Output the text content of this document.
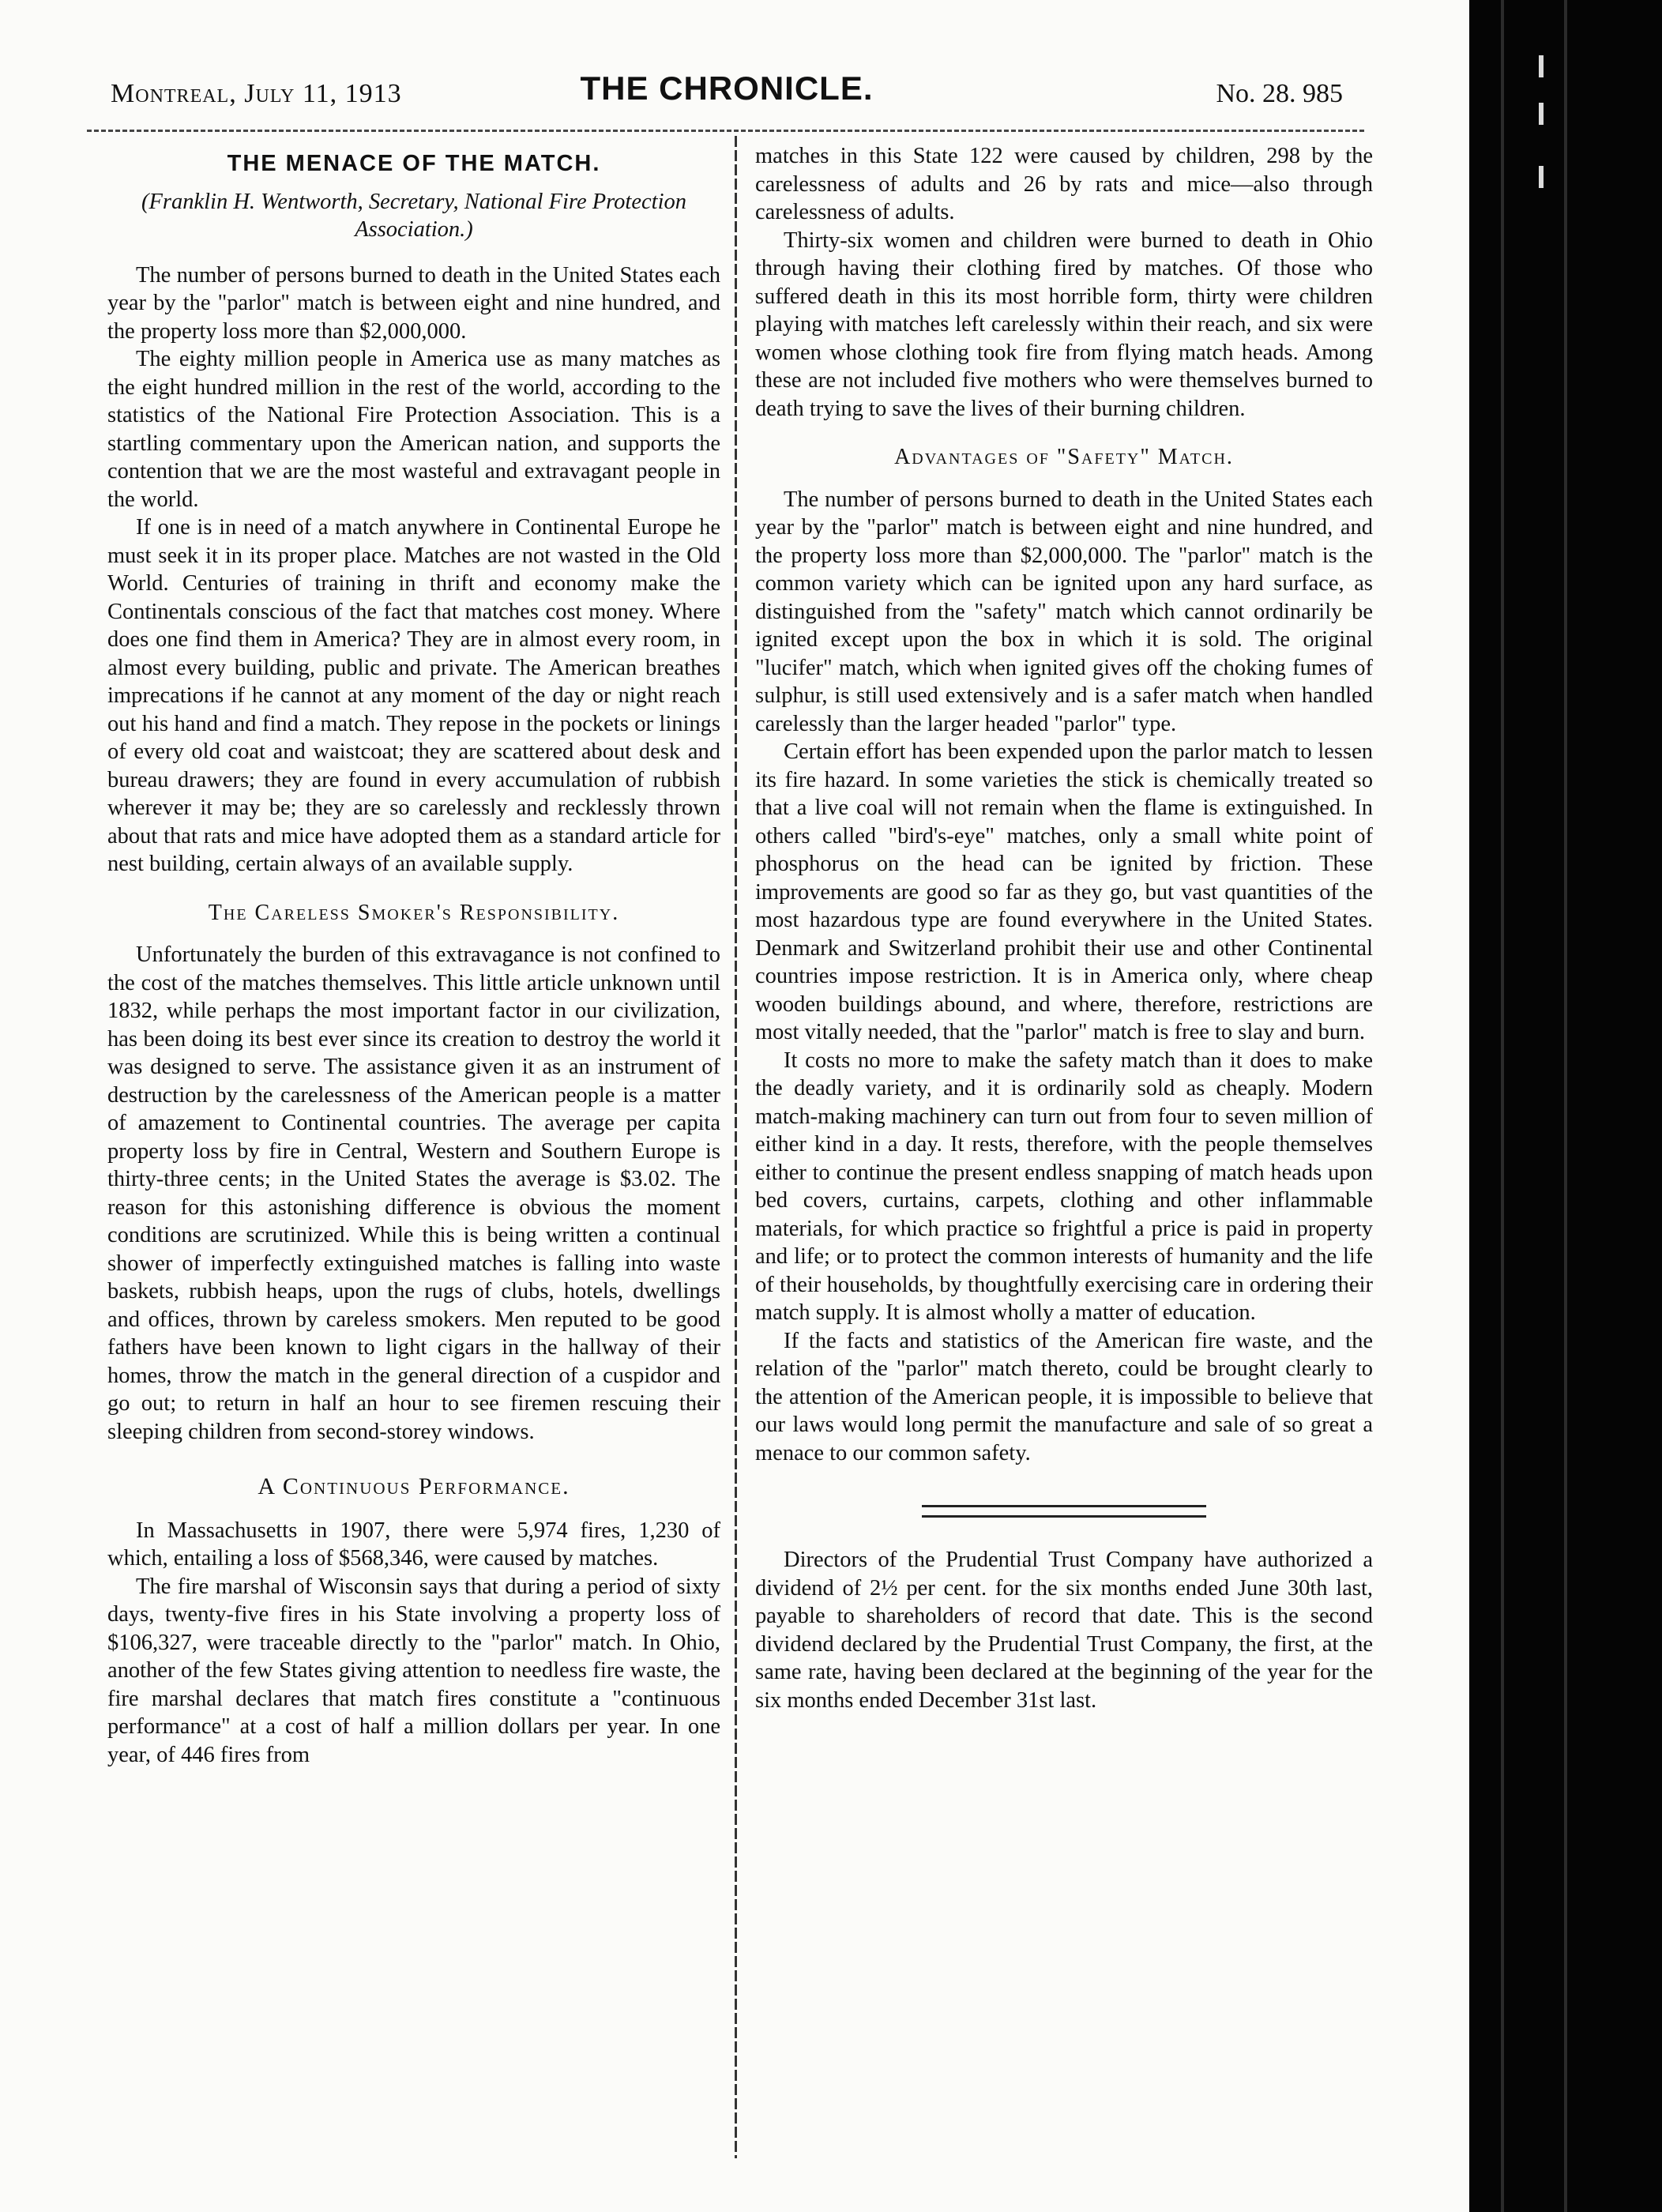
Montreal, July 11, 1913	THE CHRONICLE.	No. 28. 985
THE MENACE OF THE MATCH.
(Franklin H. Wentworth, Secretary, National Fire Protection Association.)

The number of persons burned to death in the United States each year by the "parlor" match is between eight and nine hundred, and the property loss more than $2,000,000.

The eighty million people in America use as many matches as the eight hundred million in the rest of the world, according to the statistics of the National Fire Protection Association. This is a startling commentary upon the American nation, and supports the contention that we are the most wasteful and extravagant people in the world.

If one is in need of a match anywhere in Continental Europe he must seek it in its proper place. Matches are not wasted in the Old World. Centuries of training in thrift and economy make the Continentals conscious of the fact that matches cost money. Where does one find them in America? They are in almost every room, in almost every building, public and private. The American breathes imprecations if he cannot at any moment of the day or night reach out his hand and find a match. They repose in the pockets or linings of every old coat and waistcoat; they are scattered about desk and bureau drawers; they are found in every accumulation of rubbish wherever it may be; they are so carelessly and recklessly thrown about that rats and mice have adopted them as a standard article for nest building, certain always of an available supply.

The Careless Smoker's Responsibility.

Unfortunately the burden of this extravagance is not confined to the cost of the matches themselves. This little article unknown until 1832, while perhaps the most important factor in our civilization, has been doing its best ever since its creation to destroy the world it was designed to serve. The assistance given it as an instrument of destruction by the carelessness of the American people is a matter of amazement to Continental countries. The average per capita property loss by fire in Central, Western and Southern Europe is thirty-three cents; in the United States the average is $3.02. The reason for this astonishing difference is obvious the moment conditions are scrutinized. While this is being written a continual shower of imperfectly extinguished matches is falling into waste baskets, rubbish heaps, upon the rugs of clubs, hotels, dwellings and offices, thrown by careless smokers. Men reputed to be good fathers have been known to light cigars in the hallway of their homes, throw the match in the general direction of a cuspidor and go out; to return in half an hour to see firemen rescuing their sleeping children from second-storey windows.

A Continuous Performance.

In Massachusetts in 1907, there were 5,974 fires, 1,230 of which, entailing a loss of $568,346, were caused by matches.

The fire marshal of Wisconsin says that during a period of sixty days, twenty-five fires in his State involving a property loss of $106,327, were traceable directly to the "parlor" match. In Ohio, another of the few States giving attention to needless fire waste, the fire marshal declares that match fires constitute a "continuous performance" at a cost of half a million dollars per year. In one year, of 446 fires from

matches in this State 122 were caused by children, 298 by the carelessness of adults and 26 by rats and mice—also through carelessness of adults.

Thirty-six women and children were burned to death in Ohio through having their clothing fired by matches. Of those who suffered death in this its most horrible form, thirty were children playing with matches left carelessly within their reach, and six were women whose clothing took fire from flying match heads. Among these are not included five mothers who were themselves burned to death trying to save the lives of their burning children.

Advantages of "Safety" Match.

The number of persons burned to death in the United States each year by the "parlor" match is between eight and nine hundred, and the property loss more than $2,000,000. The "parlor" match is the common variety which can be ignited upon any hard surface, as distinguished from the "safety" match which cannot ordinarily be ignited except upon the box in which it is sold. The original "lucifer" match, which when ignited gives off the choking fumes of sulphur, is still used extensively and is a safer match when handled carelessly than the larger headed "parlor" type.

Certain effort has been expended upon the parlor match to lessen its fire hazard. In some varieties the stick is chemically treated so that a live coal will not remain when the flame is extinguished. In others called "bird's-eye" matches, only a small white point of phosphorus on the head can be ignited by friction. These improvements are good so far as they go, but vast quantities of the most hazardous type are found everywhere in the United States. Denmark and Switzerland prohibit their use and other Continental countries impose restriction. It is in America only, where cheap wooden buildings abound, and where, therefore, restrictions are most vitally needed, that the "parlor" match is free to slay and burn.

It costs no more to make the safety match than it does to make the deadly variety, and it is ordinarily sold as cheaply. Modern match-making machinery can turn out from four to seven million of either kind in a day. It rests, therefore, with the people themselves either to continue the present endless snapping of match heads upon bed covers, curtains, carpets, clothing and other inflammable materials, for which practice so frightful a price is paid in property and life; or to protect the common interests of humanity and the life of their households, by thoughtfully exercising care in ordering their match supply. It is almost wholly a matter of education.

If the facts and statistics of the American fire waste, and the relation of the "parlor" match thereto, could be brought clearly to the attention of the American people, it is impossible to believe that our laws would long permit the manufacture and sale of so great a menace to our common safety.

Directors of the Prudential Trust Company have authorized a dividend of 2½ per cent. for the six months ended June 30th last, payable to shareholders of record that date. This is the second dividend declared by the Prudential Trust Company, the first, at the same rate, having been declared at the beginning of the year for the six months ended December 31st last.
